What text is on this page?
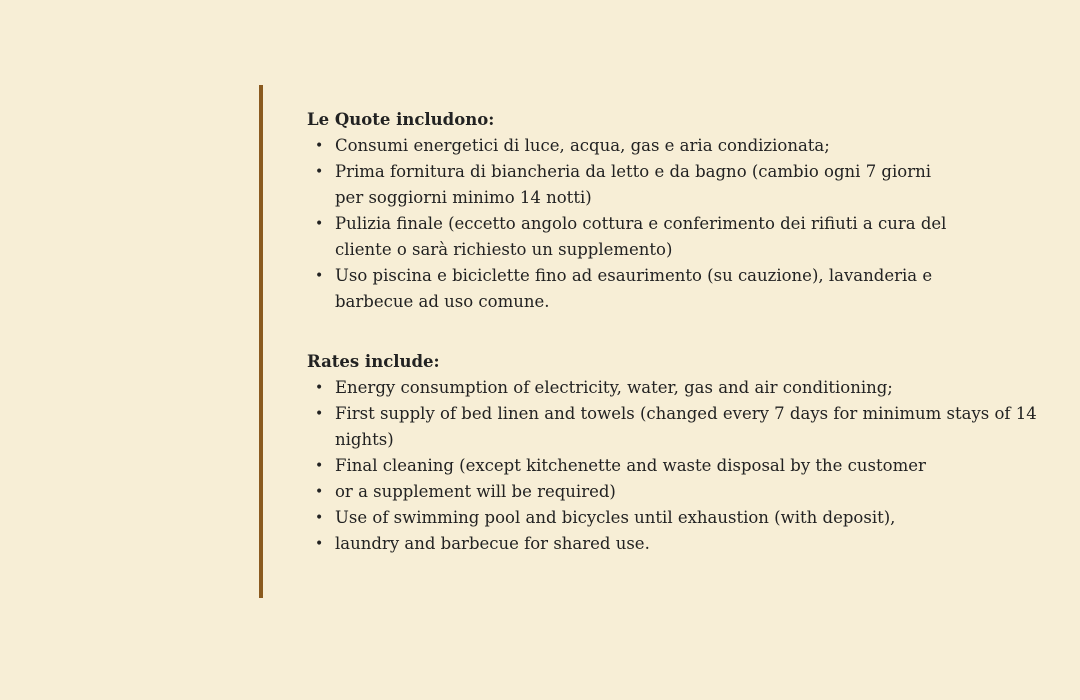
Le Quote includono:
• Consumi energetici di luce, acqua, gas e aria condizionata;
• Prima fornitura di biancheria da letto e da bagno (cambio ogni 7 giorni per soggiorni minimo 14 notti)
• Pulizia finale (eccetto angolo cottura e conferimento dei rifiuti a cura del cliente o sarà richiesto un supplemento)
• Uso piscina e biciclette fino ad esaurimento (su cauzione), lavanderia e barbecue ad uso comune.
Rates include:
• Energy consumption of electricity, water, gas and air conditioning;
• First supply of bed linen and towels (changed every 7 days for minimum stays of 14 nights)
• Final cleaning (except kitchenette and waste disposal by the customer
• or a supplement will be required)
• Use of swimming pool and bicycles until exhaustion (with deposit),
• laundry and barbecue for shared use.
